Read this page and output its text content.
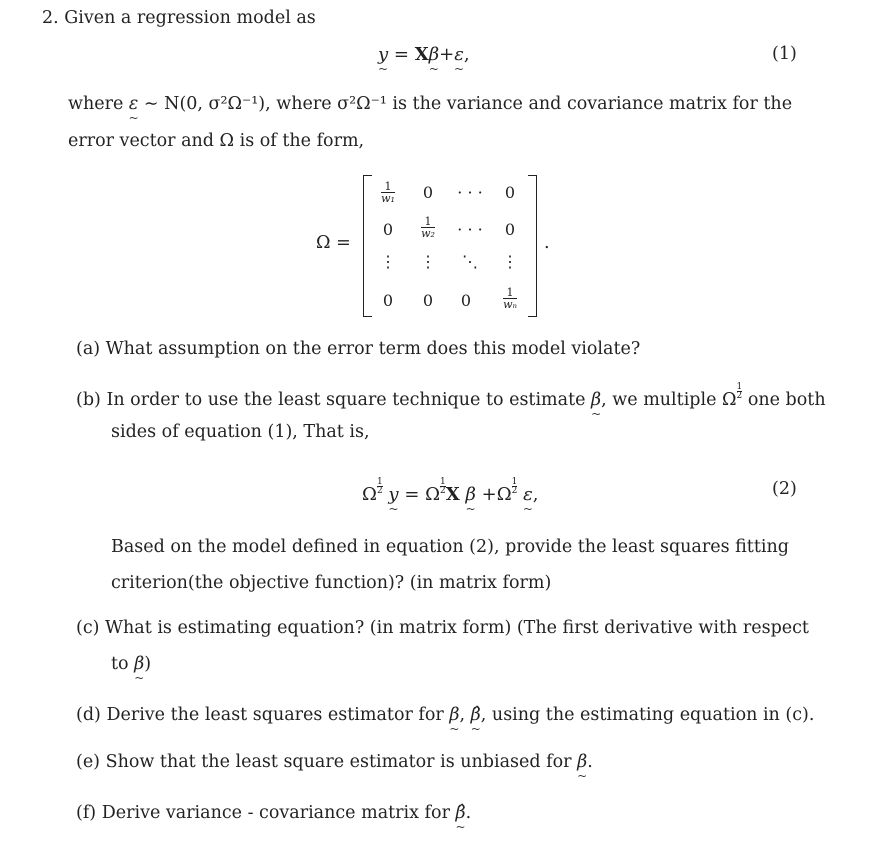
2. Given a regression model as
y ~ = Xβ ~+ε ~,	(1)
where ε ~ ∼ N(0, σ²Ω⁻¹), where σ²Ω⁻¹ is the variance and covariance matrix for the
error vector and Ω is of the form,
Ω =	.
$\frac{1}{\text{w₁}}$	0	· · ·	0
0	$\frac{1}{\text{w₂}}$	· · ·	0
⋮	⋮	⋱	⋮
0	0	0	$\frac{1}{\text{wₙ}}$
(a) What assumption on the error term does this model violate?
(b) In order to use the least square technique to estimate β ~, we multiple Ω $\frac{1}{2}$ one both
sides of equation (1), That is,
Ω $\frac{1}{2}$ y ~ = Ω $\frac{1}{2}$ X β ~ $+\Omega \frac{1}{2}$ ε ~,	(2)
Based on the model defined in equation (2), provide the least squares fitting
criterion(the objective function)? (in matrix form)
(c) What is estimating equation? (in matrix form) (The first derivative with respect
to β ~)
(d) Derive the least squares estimator for β ~, β̂ ~, using the estimating equation in (c).
(e) Show that the least square estimator is unbiased for β ~.
(f) Derive variance - covariance matrix for β̂ ~.
